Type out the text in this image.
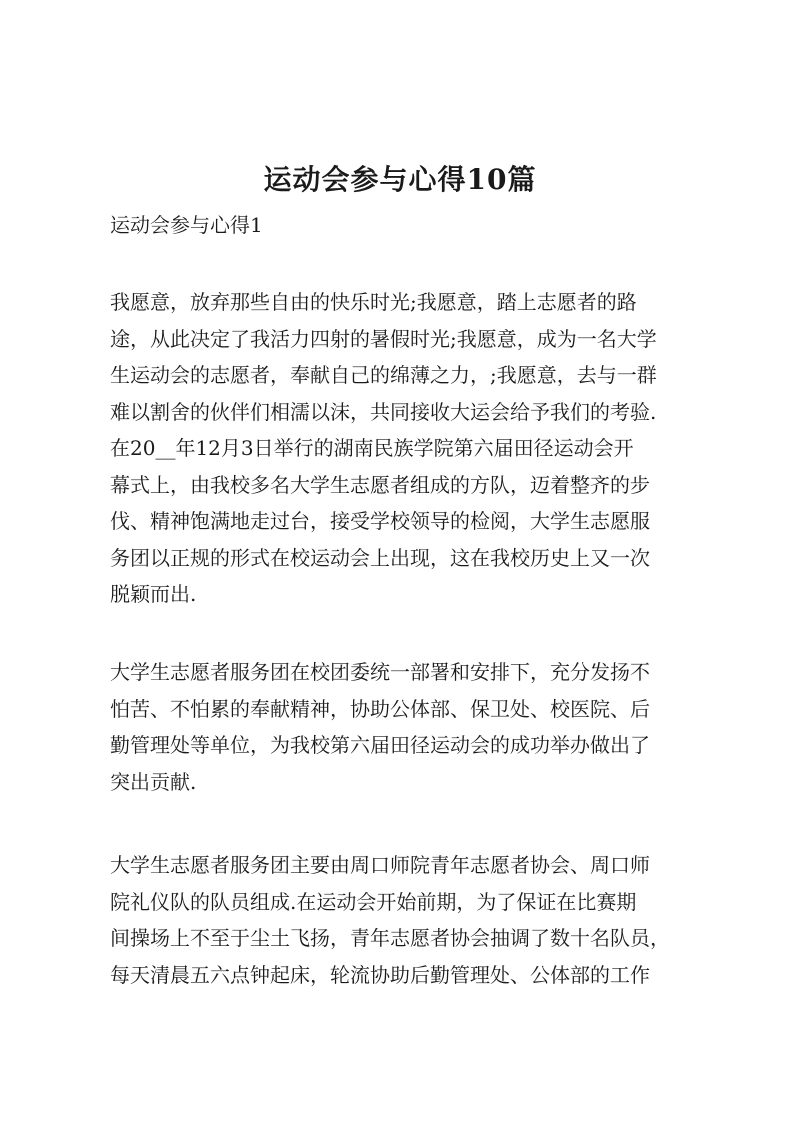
运动会参与心得10篇
运动会参与心得1
我愿意，放弃那些自由的快乐时光;我愿意，踏上志愿者的路
途，从此决定了我活力四射的暑假时光;我愿意，成为一名大学
生运动会的志愿者，奉献自己的绵薄之力，;我愿意，去与一群
难以割舍的伙伴们相濡以沫，共同接收大运会给予我们的考验.
在20__年12月3日举行的湖南民族学院第六届田径运动会开
幕式上，由我校多名大学生志愿者组成的方队，迈着整齐的步
伐、精神饱满地走过台，接受学校领导的检阅，大学生志愿服
务团以正规的形式在校运动会上出现，这在我校历史上又一次
脱颖而出.
大学生志愿者服务团在校团委统一部署和安排下，充分发扬不
怕苦、不怕累的奉献精神，协助公体部、保卫处、校医院、后
勤管理处等单位，为我校第六届田径运动会的成功举办做出了
突出贡献.
大学生志愿者服务团主要由周口师院青年志愿者协会、周口师
院礼仪队的队员组成.在运动会开始前期，为了保证在比赛期
间操场上不至于尘土飞扬，青年志愿者协会抽调了数十名队员，
每天清晨五六点钟起床，轮流协助后勤管理处、公体部的工作
